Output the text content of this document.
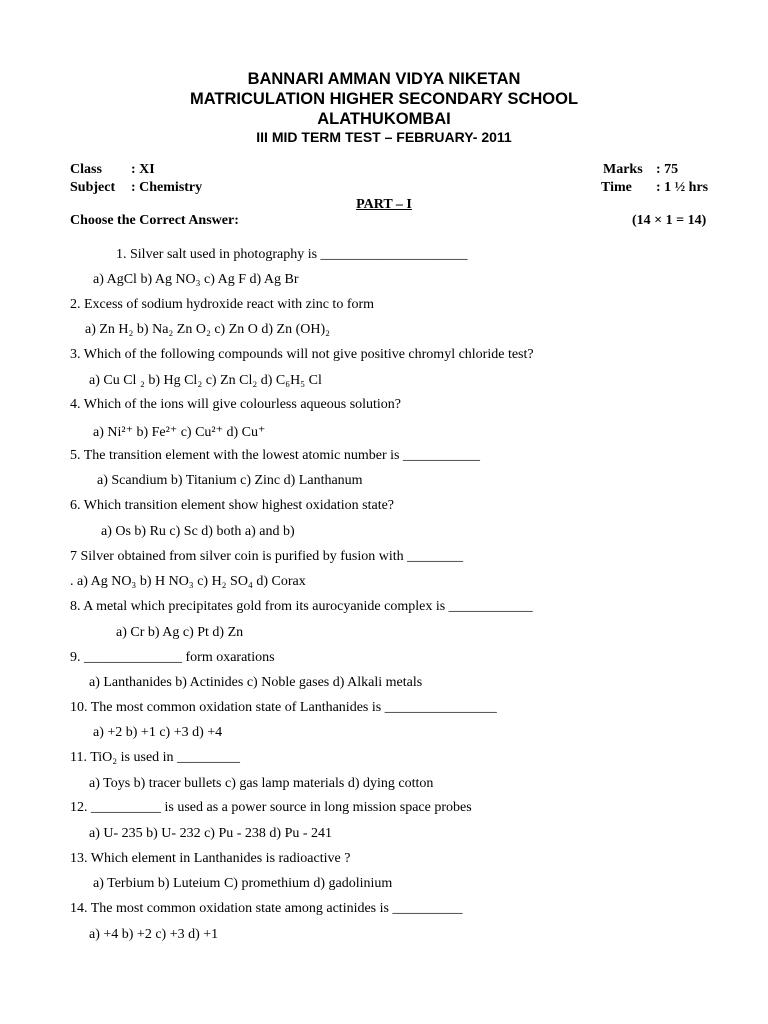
BANNARI AMMAN VIDYA NIKETAN
MATRICULATION HIGHER SECONDARY SCHOOL
ALATHUKOMBAI
III MID TERM TEST – FEBRUARY- 2011
Class : XI
Subject : Chemistry
Marks : 75
Time : 1 ½ hrs
PART – I
Choose the Correct Answer:	(14 × 1 = 14)
1. Silver salt used in photography is _____________________
a) AgCl b) Ag NO₃ c) Ag F d) Ag Br
2. Excess of sodium hydroxide react with zinc to form
a) Zn H₂ b) Na₂ Zn O₂ c) Zn O d) Zn (OH)₂
3. Which of the following compounds will not give positive chromyl chloride test?
a) Cu Cl ₂ b) Hg Cl₂ c) Zn Cl₂ d) C₆H₅ Cl
4. Which of the ions will give colourless aqueous solution?
a) Ni²⁺ b) Fe²⁺ c) Cu²⁺ d) Cu⁺
5. The transition element with the lowest atomic number is ___________
a) Scandium b) Titanium c) Zinc d) Lanthanum
6. Which transition element show highest oxidation state?
a) Os b) Ru c) Sc d) both a) and b)
7 Silver obtained from silver coin is purified by fusion with ________
. a) Ag NO₃ b) H NO₃ c) H₂ SO₄ d) Corax
8. A metal which precipitates gold from its aurocyanide complex is ____________
a) Cr b) Ag c) Pt d) Zn
9. ______________ form oxarations
a) Lanthanides b) Actinides c) Noble gases d) Alkali metals
10. The most common oxidation state of Lanthanides is ________________
a) +2 b) +1 c) +3 d) +4
11. TiO₂ is used in _________
a) Toys b) tracer bullets c) gas lamp materials d) dying cotton
12. __________ is used as a power source in long mission space probes
a) U- 235 b) U- 232 c) Pu - 238 d) Pu - 241
13. Which element in Lanthanides is radioactive ?
a) Terbium b) Luteium C) promethium d) gadolinium
14. The most common oxidation state among actinides is __________
a) +4 b) +2 c) +3 d) +1
